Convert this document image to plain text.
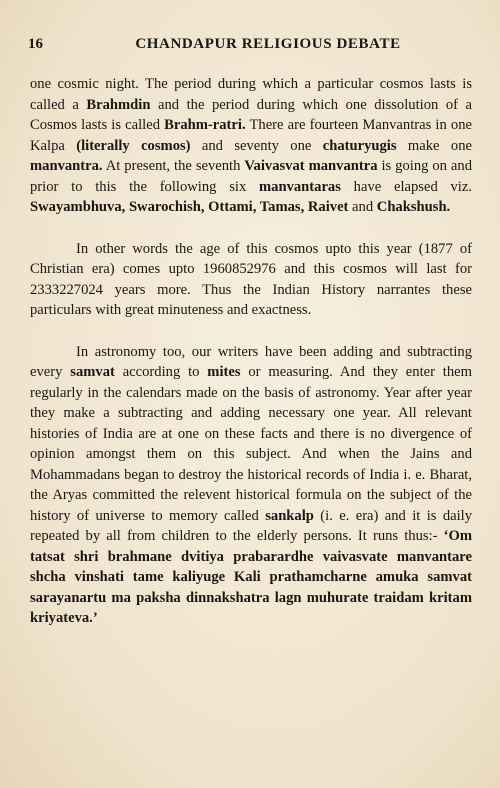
16	CHANDAPUR RELIGIOUS DEBATE

one cosmic night. The period during which a particular cosmos lasts is called a Brahmdin and the period during which one dissolution of a Cosmos lasts is called Brahm-ratri. There are fourteen Manvantras in one Kalpa (literally cosmos) and seventy one chaturyugis make one manvantra. At present, the seventh Vaivasvat manvantra is going on and prior to this the following six manvantaras have elapsed viz. Swayambhuva, Swarochish, Ottami, Tamas, Raivet and Chakshush.

In other words the age of this cosmos upto this year (1877 of Christian era) comes upto 1960852976 and this cosmos will last for 2333227024 years more. Thus the Indian History narrantes these particulars with great minuteness and exactness.

In astronomy too, our writers have been adding and subtracting every samvat according to mites or measuring. And they enter them regularly in the calendars made on the basis of astronomy. Year after year they make a subtracting and adding necessary one year. All relevant histories of India are at one on these facts and there is no divergence of opinion amongst them on this subject. And when the Jains and Mohammadans began to destroy the historical records of India i. e. Bharat, the Aryas committed the relevent historical formula on the subject of the history of universe to memory called sankalp (i. e. era) and it is daily repeated by all from children to the elderly persons. It runs thus:- ‘Om tatsat shri brahmane dvitiya prabarardhe vaivasvate manvantare shcha vinshati tame kaliyuge Kali prathamcharne amuka samvat sarayanartu ma paksha dinnakshatra lagn muhurate traidam kritam kriyateva.’
